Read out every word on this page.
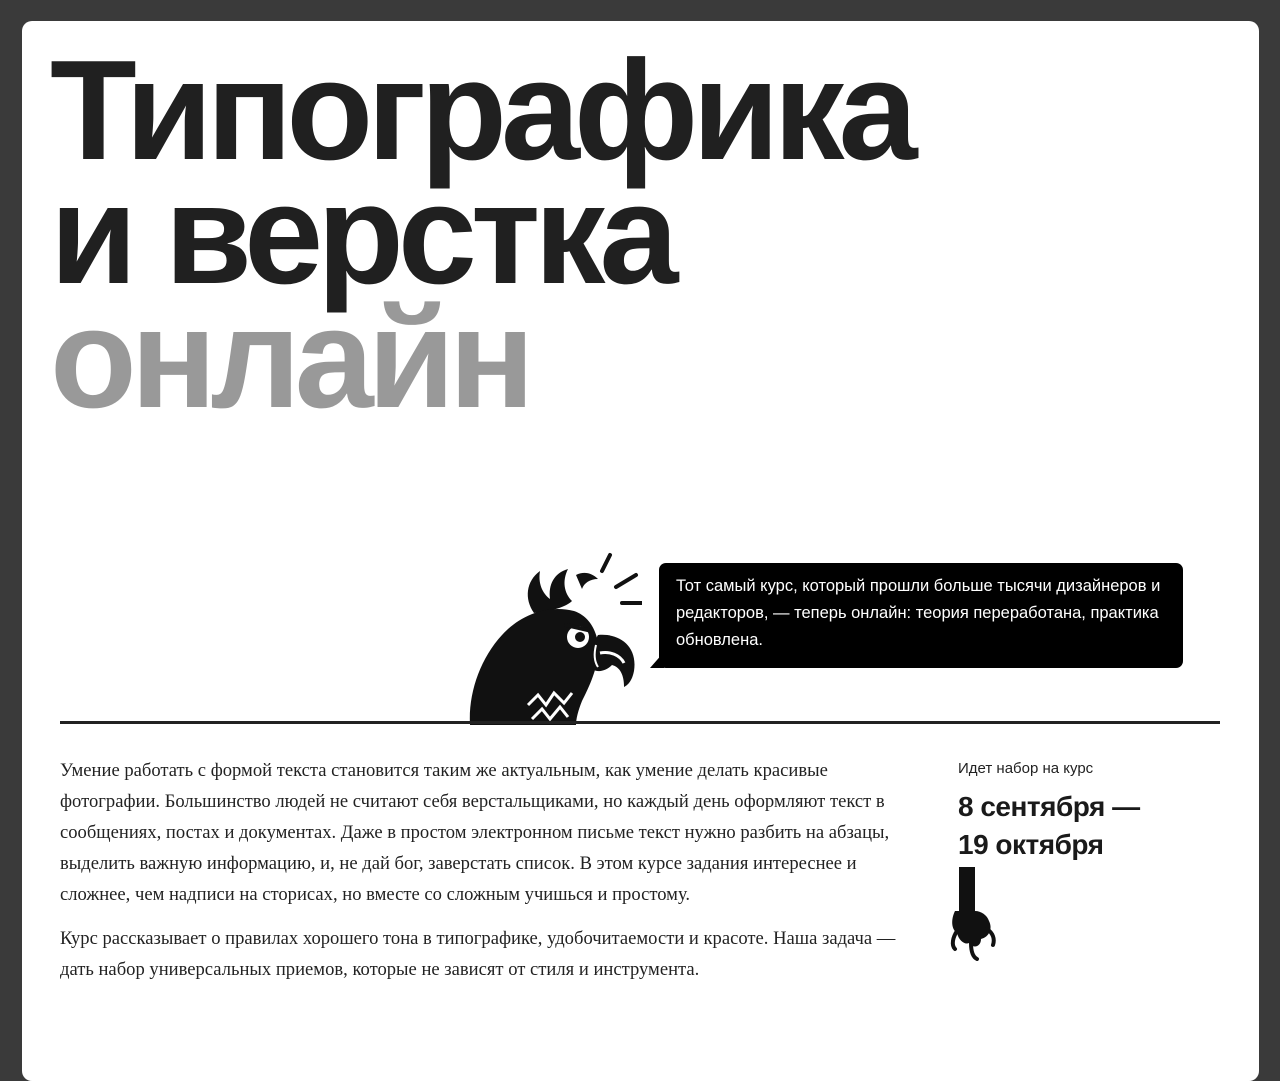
Типографика
и верстка
онлайн
Тот самый курс, который прошли больше тысячи дизайнеров и редакторов, — теперь онлайн: теория переработана, практика обновлена.

Умение работать с формой текста становится таким же актуальным, как умение делать красивые фотографии. Большинство людей не считают себя верстальщиками, но каждый день оформляют текст в сообщениях, постах и документах. Даже в простом электронном письме текст нужно разбить на абзацы, выделить важную информацию, и, не дай бог, заверстать список. В этом курсе задания интереснее и сложнее, чем надписи на сторисах, но вместе со сложным учишься и простому.

Курс рассказывает о правилах хорошего тона в типографике, удобочитаемости и красоте. Наша задача — дать набор универсальных приемов, которые не зависят от стиля и инструмента.

Идет набор на курс
8 сентября —
19 октября
